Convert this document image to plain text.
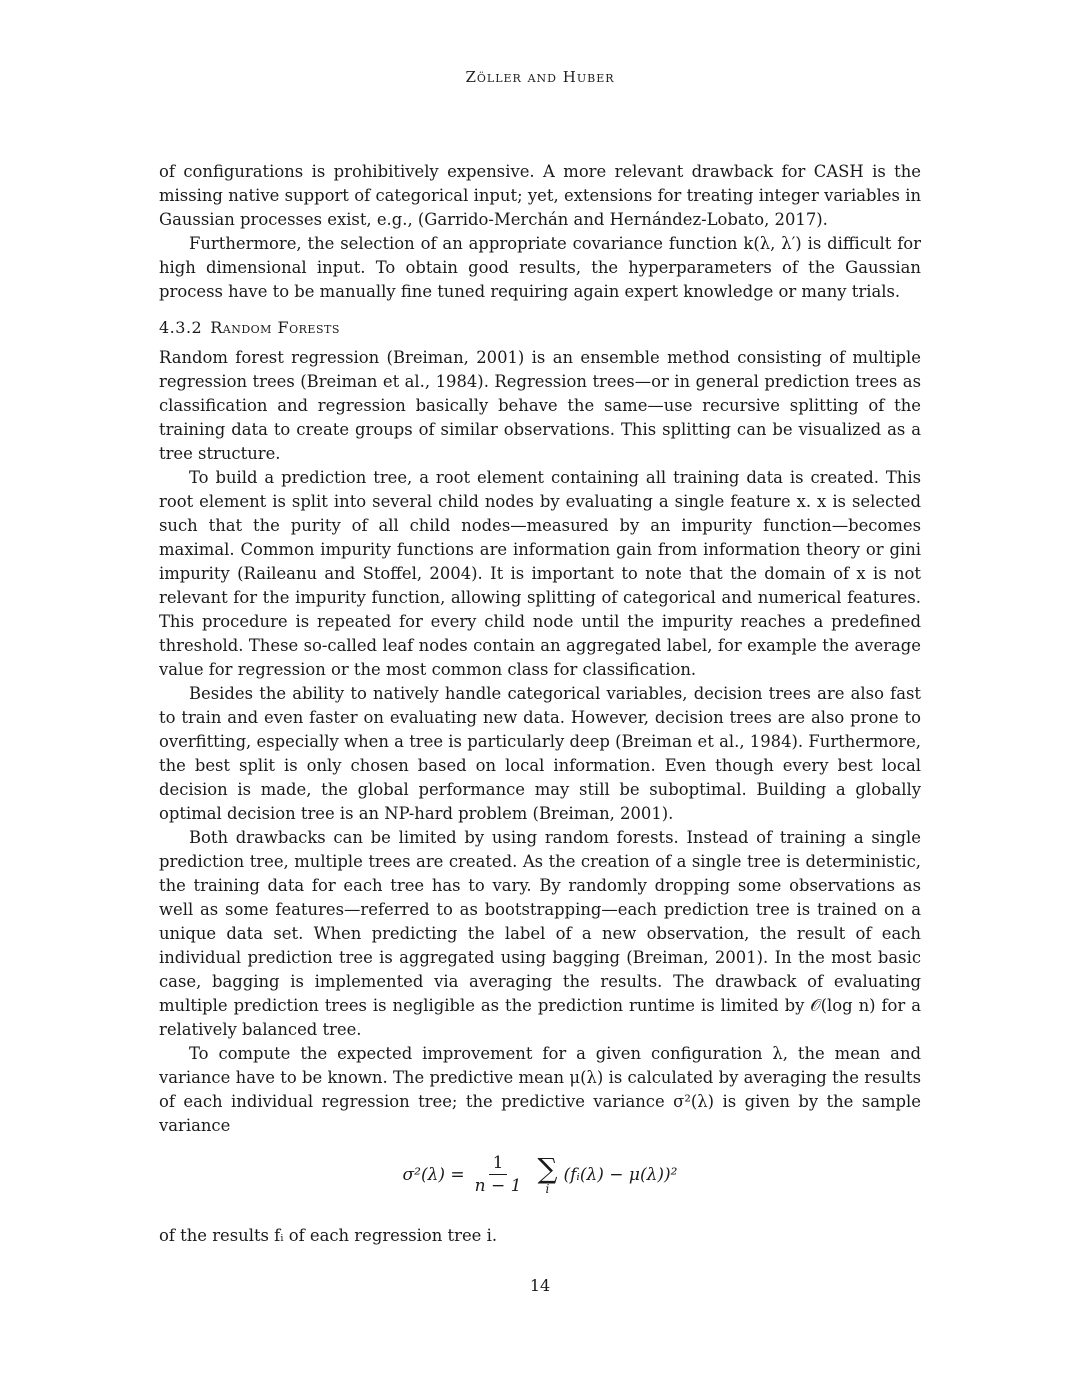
Zöller and Huber

of configurations is prohibitively expensive. A more relevant drawback for CASH is the missing native support of categorical input; yet, extensions for treating integer variables in Gaussian processes exist, e.g., (Garrido-Merchán and Hernández-Lobato, 2017).

Furthermore, the selection of an appropriate covariance function k(λ, λ′) is difficult for high dimensional input. To obtain good results, the hyperparameters of the Gaussian process have to be manually fine tuned requiring again expert knowledge or many trials.

4.3.2 Random Forests

Random forest regression (Breiman, 2001) is an ensemble method consisting of multiple regression trees (Breiman et al., 1984). Regression trees—or in general prediction trees as classification and regression basically behave the same—use recursive splitting of the training data to create groups of similar observations. This splitting can be visualized as a tree structure.

To build a prediction tree, a root element containing all training data is created. This root element is split into several child nodes by evaluating a single feature x. x is selected such that the purity of all child nodes—measured by an impurity function—becomes maximal. Common impurity functions are information gain from information theory or gini impurity (Raileanu and Stoffel, 2004). It is important to note that the domain of x is not relevant for the impurity function, allowing splitting of categorical and numerical features. This procedure is repeated for every child node until the impurity reaches a predefined threshold. These so-called leaf nodes contain an aggregated label, for example the average value for regression or the most common class for classification.

Besides the ability to natively handle categorical variables, decision trees are also fast to train and even faster on evaluating new data. However, decision trees are also prone to overfitting, especially when a tree is particularly deep (Breiman et al., 1984). Furthermore, the best split is only chosen based on local information. Even though every best local decision is made, the global performance may still be suboptimal. Building a globally optimal decision tree is an NP-hard problem (Breiman, 2001).

Both drawbacks can be limited by using random forests. Instead of training a single prediction tree, multiple trees are created. As the creation of a single tree is deterministic, the training data for each tree has to vary. By randomly dropping some observations as well as some features—referred to as bootstrapping—each prediction tree is trained on a unique data set. When predicting the label of a new observation, the result of each individual prediction tree is aggregated using bagging (Breiman, 2001). In the most basic case, bagging is implemented via averaging the results. The drawback of evaluating multiple prediction trees is negligible as the prediction runtime is limited by 𝒪(log n) for a relatively balanced tree.

To compute the expected improvement for a given configuration λ, the mean and variance have to be known. The predictive mean μ(λ) is calculated by averaging the results of each individual regression tree; the predictive variance σ²(λ) is given by the sample variance

$\sigma^2(\lambda) = \frac{1}{n - 1}$ ∑
i
(fᵢ(λ) − μ(λ))²

of the results fᵢ of each regression tree i.

14
